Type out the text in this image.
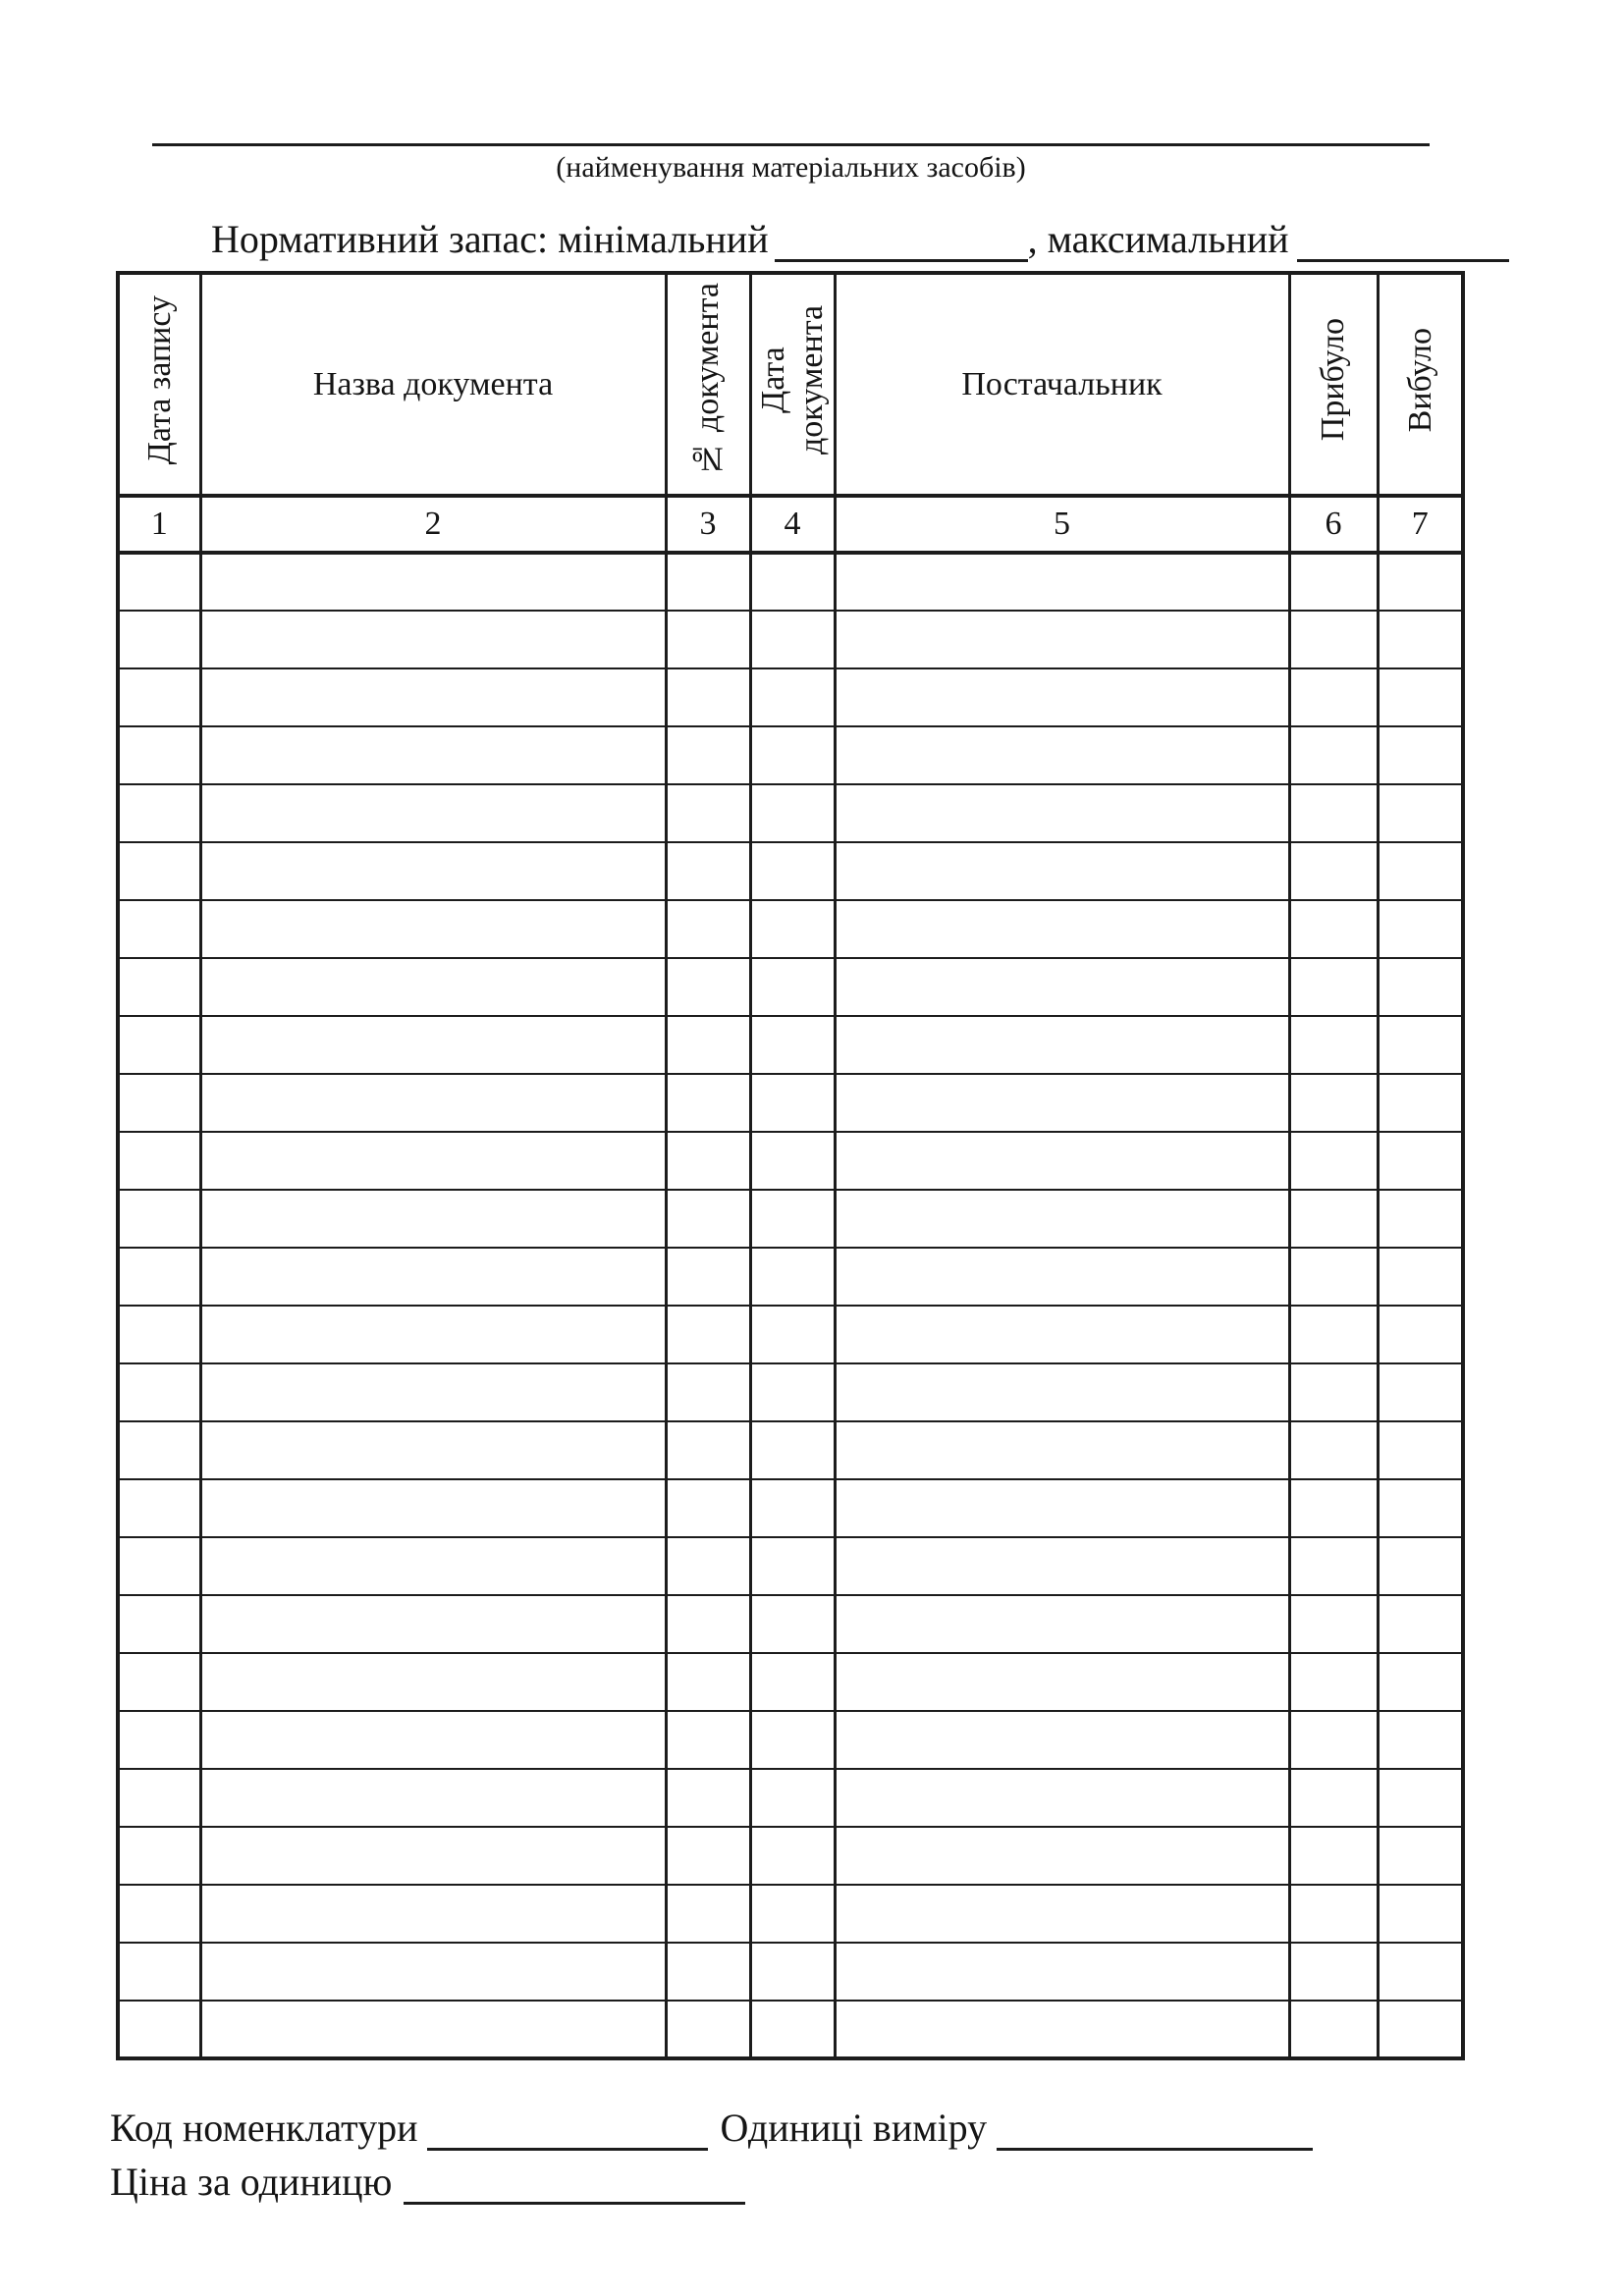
(найменування матеріальних засобів)
Нормативний запас: мінімальний	, максимальний
Дата запису	Назва документа	№ документа	Дата документа	Постачальник	Прибуло	Вибуло
1	2	3	4	5	6	7

Код номенклатури	Одиниці виміру
Ціна за одиницю
